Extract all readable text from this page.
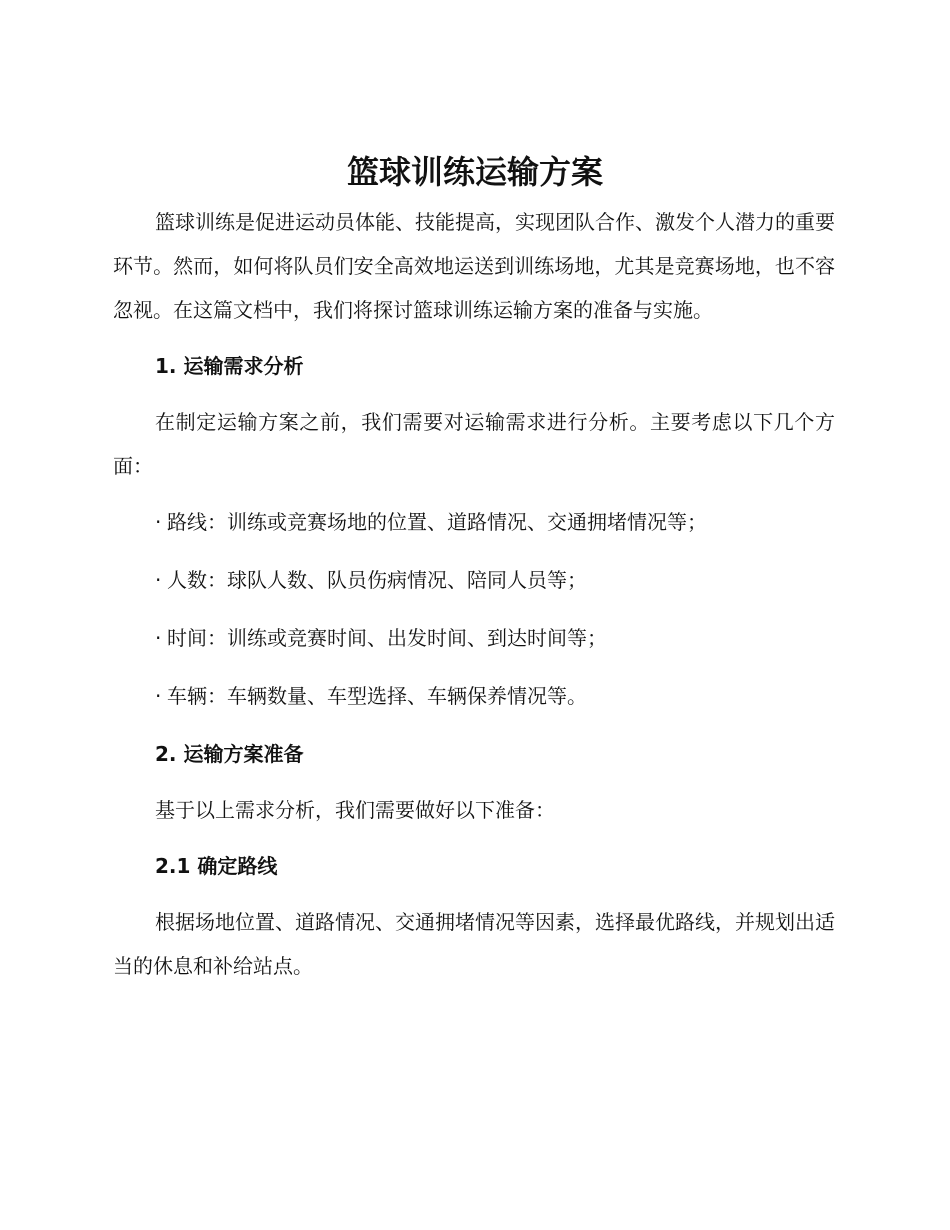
篮球训练运输方案

篮球训练是促进运动员体能、技能提高，实现团队合作、激发个人潜力的重要环节。然而，如何将队员们安全高效地运送到训练场地，尤其是竞赛场地，也不容忽视。在这篇文档中，我们将探讨篮球训练运输方案的准备与实施。

1. 运输需求分析

在制定运输方案之前，我们需要对运输需求进行分析。主要考虑以下几个方面：

· 路线：训练或竞赛场地的位置、道路情况、交通拥堵情况等；
· 人数：球队人数、队员伤病情况、陪同人员等；
· 时间：训练或竞赛时间、出发时间、到达时间等；
· 车辆：车辆数量、车型选择、车辆保养情况等。
2. 运输方案准备

基于以上需求分析，我们需要做好以下准备：

2.1 确定路线

根据场地位置、道路情况、交通拥堵情况等因素，选择最优路线，并规划出适当的休息和补给站点。
